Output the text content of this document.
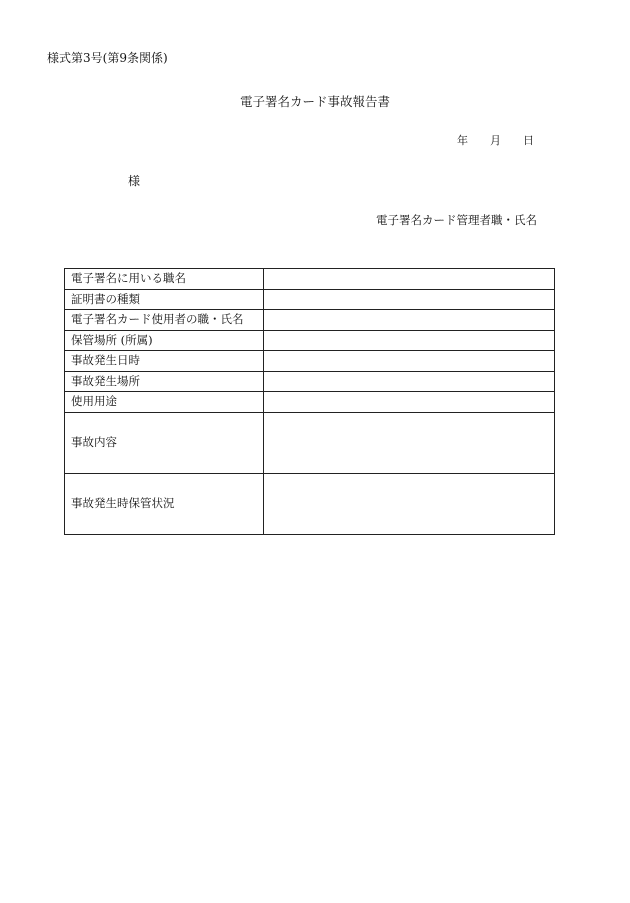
様式第3号(第9条関係)
電子署名カード事故報告書
年 月 日
様
電子署名カード管理者職・氏名
電子署名に用いる職名	
証明書の種類	
電子署名カード使用者の職・氏名	
保管場所 (所属)	
事故発生日時	
事故発生場所	
使用用途	
事故内容	
事故発生時保管状況	
